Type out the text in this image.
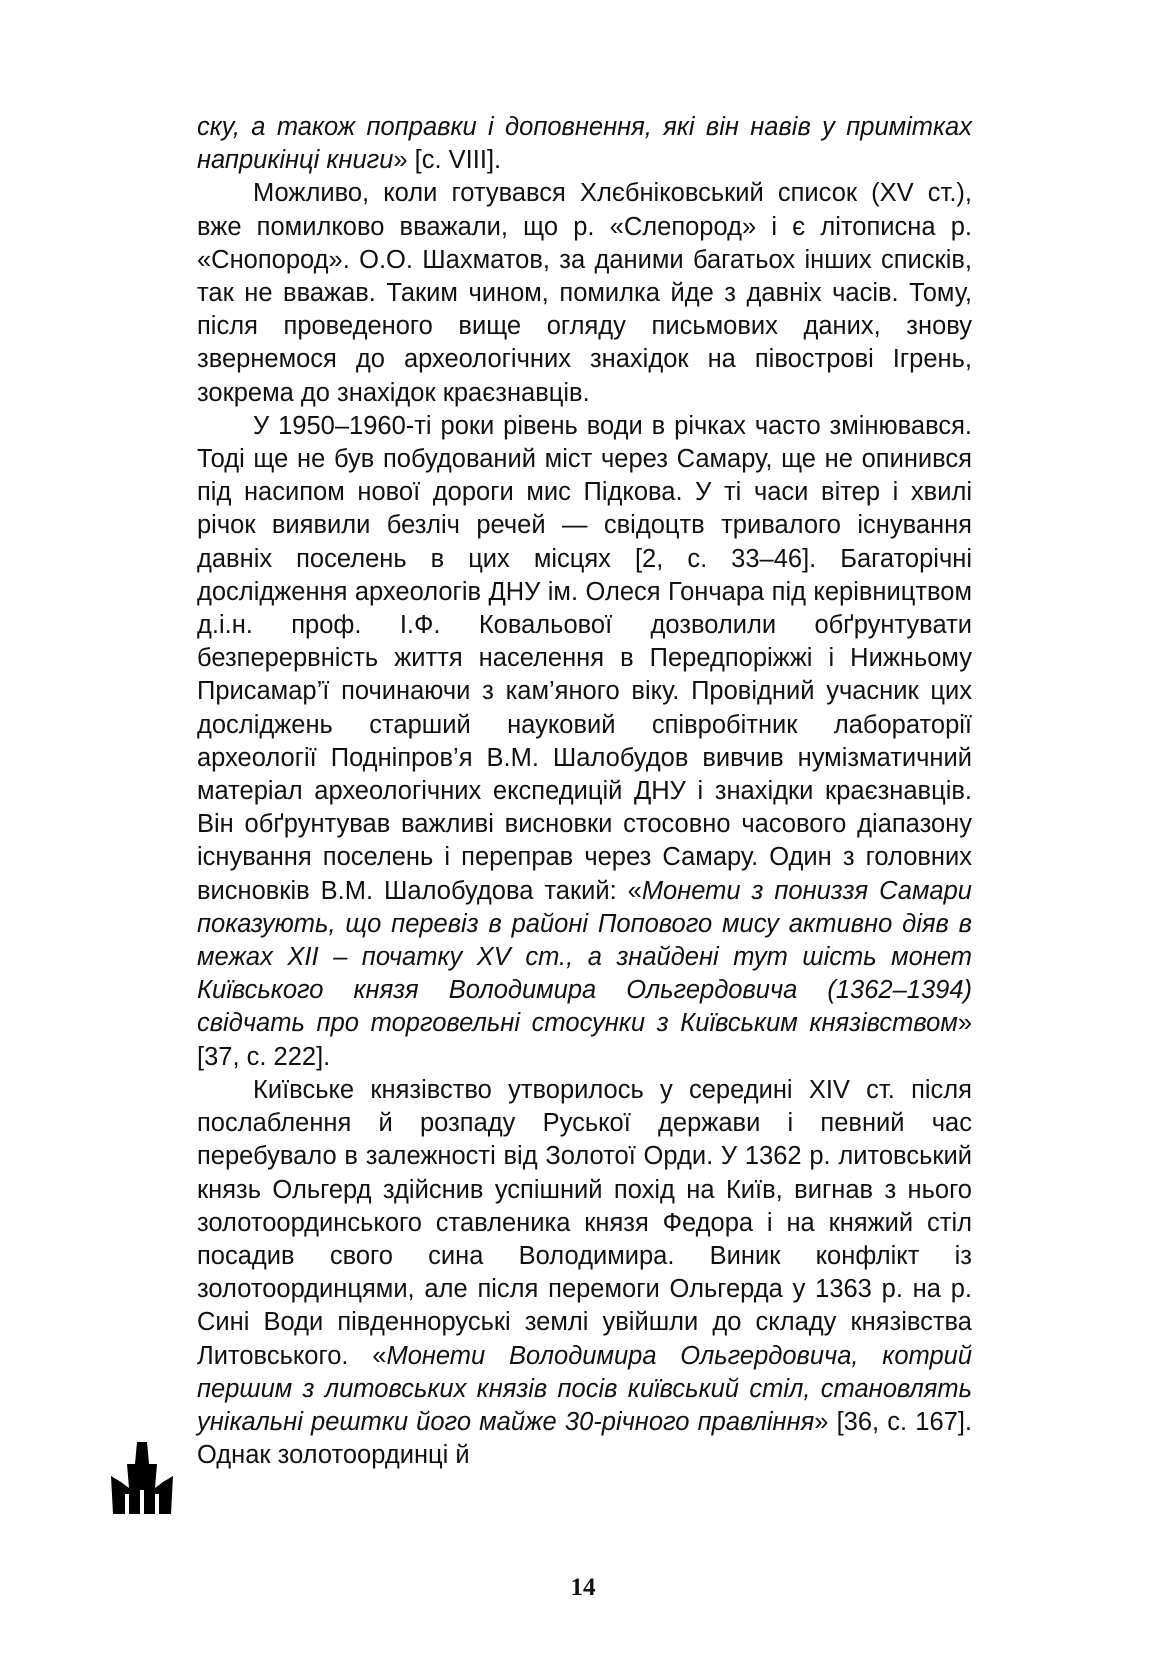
ску, а також поправки і доповнення, які він навів у примітках наприкінці книги» [с. VIII].

Можливо, коли готувався Хлєбніковський список (XV ст.), вже помилково вважали, що р. «Слепород» і є літописна р. «Снопород». О.О. Шахматов, за даними багатьох інших списків, так не вважав. Таким чином, помилка йде з давніх часів. Тому, після проведеного вище огляду письмових даних, знову звернемося до археологічних знахідок на півострові Ігрень, зокрема до знахідок краєзнавців.

У 1950–1960-ті роки рівень води в річках часто змінювався. Тоді ще не був побудований міст через Самару, ще не опинився під насипом нової дороги мис Підкова. У ті часи вітер і хвилі річок виявили безліч речей — свідоцтв тривалого існування давніх поселень в цих місцях [2, с. 33–46]. Багаторічні дослідження археологів ДНУ ім. Олеся Гончара під керівництвом д.і.н. проф. І.Ф. Ковальової дозволили обґрунтувати безперервність життя населення в Передпоріжжі і Нижньому Присамар’ї починаючи з кам’яного віку. Провідний учасник цих досліджень старший науковий співробітник лабораторії археології Подніпров’я В.М. Шалобудов вивчив нумізматичний матеріал археологічних експедицій ДНУ і знахідки краєзнавців. Він обґрунтував важливі висновки стосовно часового діапазону існування поселень і переправ через Самару. Один з головних висновків В.М. Шалобудова такий: «Монети з пониззя Самари показують, що перевіз в районі Попового мису активно діяв в межах XII – початку XV ст., а знайдені тут шість монет Київського князя Володимира Ольгердовича (1362–1394) свідчать про торговельні стосунки з Київським князівством» [37, с. 222].

Київське князівство утворилось у середині XIV ст. після послаблення й розпаду Руської держави і певний час перебувало в залежності від Золотої Орди. У 1362 р. литовський князь Ольгерд здійснив успішний похід на Київ, вигнав з нього золотоординського ставленика князя Федора і на княжий стіл посадив свого сина Володимира. Виник конфлікт із золотоординцями, але після перемоги Ольгерда у 1363 р. на р. Сині Води південноруські землі увійшли до складу князівства Литовського. «Монети Володимира Ольгердовича, котрий першим з литовських князів посів київський стіл, становлять унікальні рештки його майже 30-річного правління» [36, с. 167]. Однак золотоординці й

14
